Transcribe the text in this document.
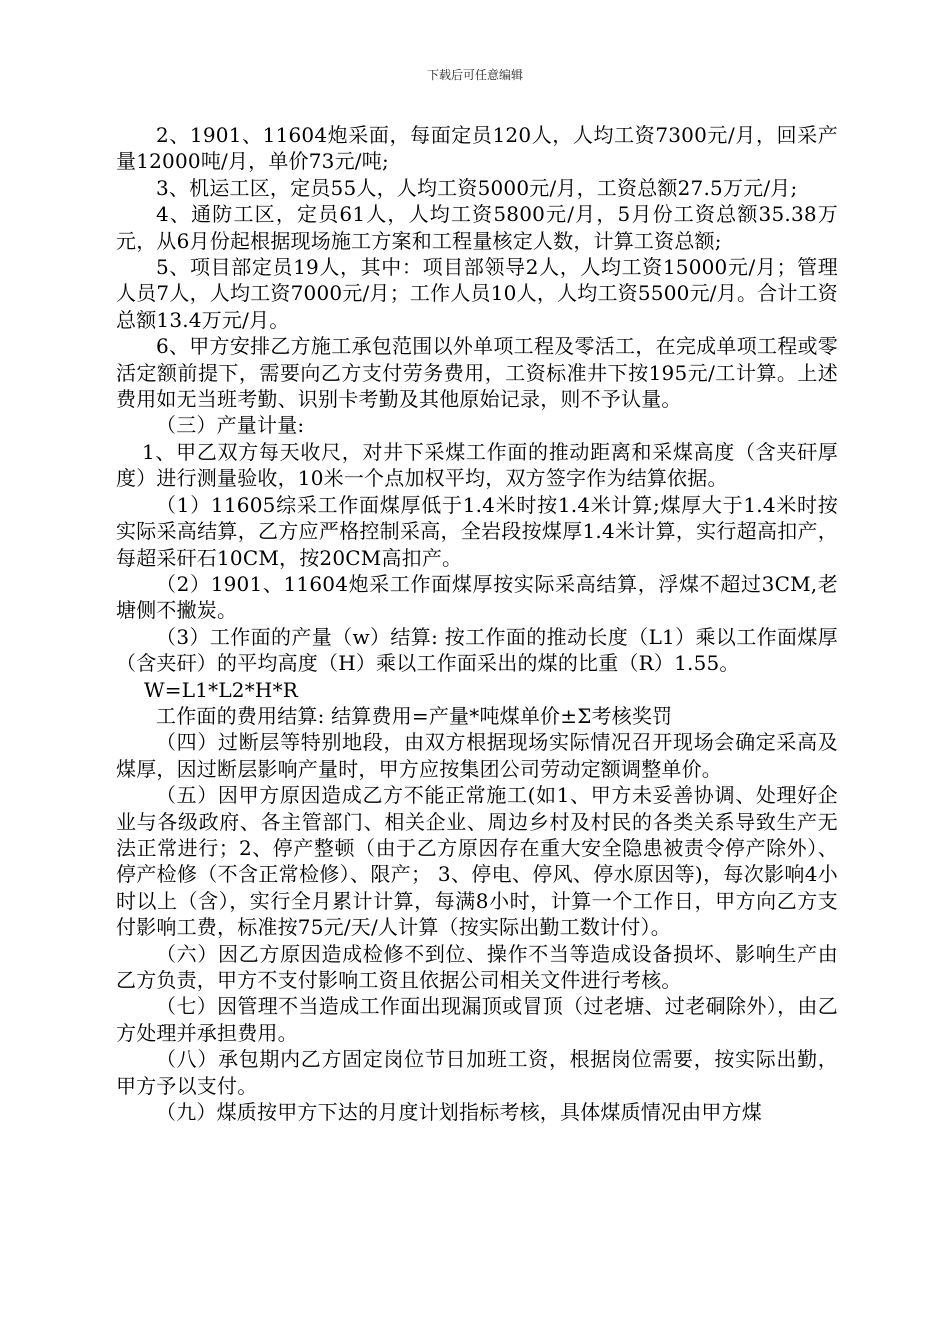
下载后可任意编辑

2、1901、11604炮采面，每面定员120人，人均工资7300元/月，回采产量12000吨/月，单价73元/吨;

3、机运工区，定员55人，人均工资5000元/月，工资总额27.5万元/月;

4、通防工区，定员61人，人均工资5800元/月，5月份工资总额35.38万元，从6月份起根据现场施工方案和工程量核定人数，计算工资总额;

5、项目部定员19人，其中：项目部领导2人，人均工资15000元/月；管理人员7人，人均工资7000元/月；工作人员10人，人均工资5500元/月。合计工资总额13.4万元/月。

6、甲方安排乙方施工承包范围以外单项工程及零活工，在完成单项工程或零活定额前提下，需要向乙方支付劳务费用，工资标准井下按195元/工计算。上述费用如无当班考勤、识别卡考勤及其他原始记录，则不予认量。

（三）产量计量:

1、甲乙双方每天收尺，对井下采煤工作面的推动距离和采煤高度（含夹矸厚度）进行测量验收，10米一个点加权平均，双方签字作为结算依据。

（1）11605综采工作面煤厚低于1.4米时按1.4米计算;煤厚大于1.4米时按实际采高结算，乙方应严格控制采高，全岩段按煤厚1.4米计算，实行超高扣产，每超采矸石10CM，按20CM高扣产。

（2）1901、11604炮采工作面煤厚按实际采高结算，浮煤不超过3CM,老塘侧不撇炭。

（3）工作面的产量（w）结算: 按工作面的推动长度（L1）乘以工作面煤厚（含夹矸）的平均高度（H）乘以工作面采出的煤的比重（R）1.55。

W=L1*L2*H*R

工作面的费用结算: 结算费用=产量*吨煤单价±Σ考核奖罚

（四）过断层等特别地段，由双方根据现场实际情况召开现场会确定采高及煤厚，因过断层影响产量时，甲方应按集团公司劳动定额调整单价。

（五）因甲方原因造成乙方不能正常施工(如1、甲方未妥善协调、处理好企业与各级政府、各主管部门、相关企业、周边乡村及村民的各类关系导致生产无法正常进行；2、停产整顿（由于乙方原因存在重大安全隐患被责令停产除外）、停产检修（不含正常检修）、限产； 3、停电、停风、停水原因等)，每次影响4小时以上（含），实行全月累计计算，每满8小时，计算一个工作日，甲方向乙方支付影响工费，标准按75元/天/人计算（按实际出勤工数计付）。

（六）因乙方原因造成检修不到位、操作不当等造成设备损坏、影响生产由乙方负责，甲方不支付影响工资且依据公司相关文件进行考核。

（七）因管理不当造成工作面出现漏顶或冒顶（过老塘、过老硐除外），由乙方处理并承担费用。

（八）承包期内乙方固定岗位节日加班工资，根据岗位需要，按实际出勤，甲方予以支付。

（九）煤质按甲方下达的月度计划指标考核，具体煤质情况由甲方煤
